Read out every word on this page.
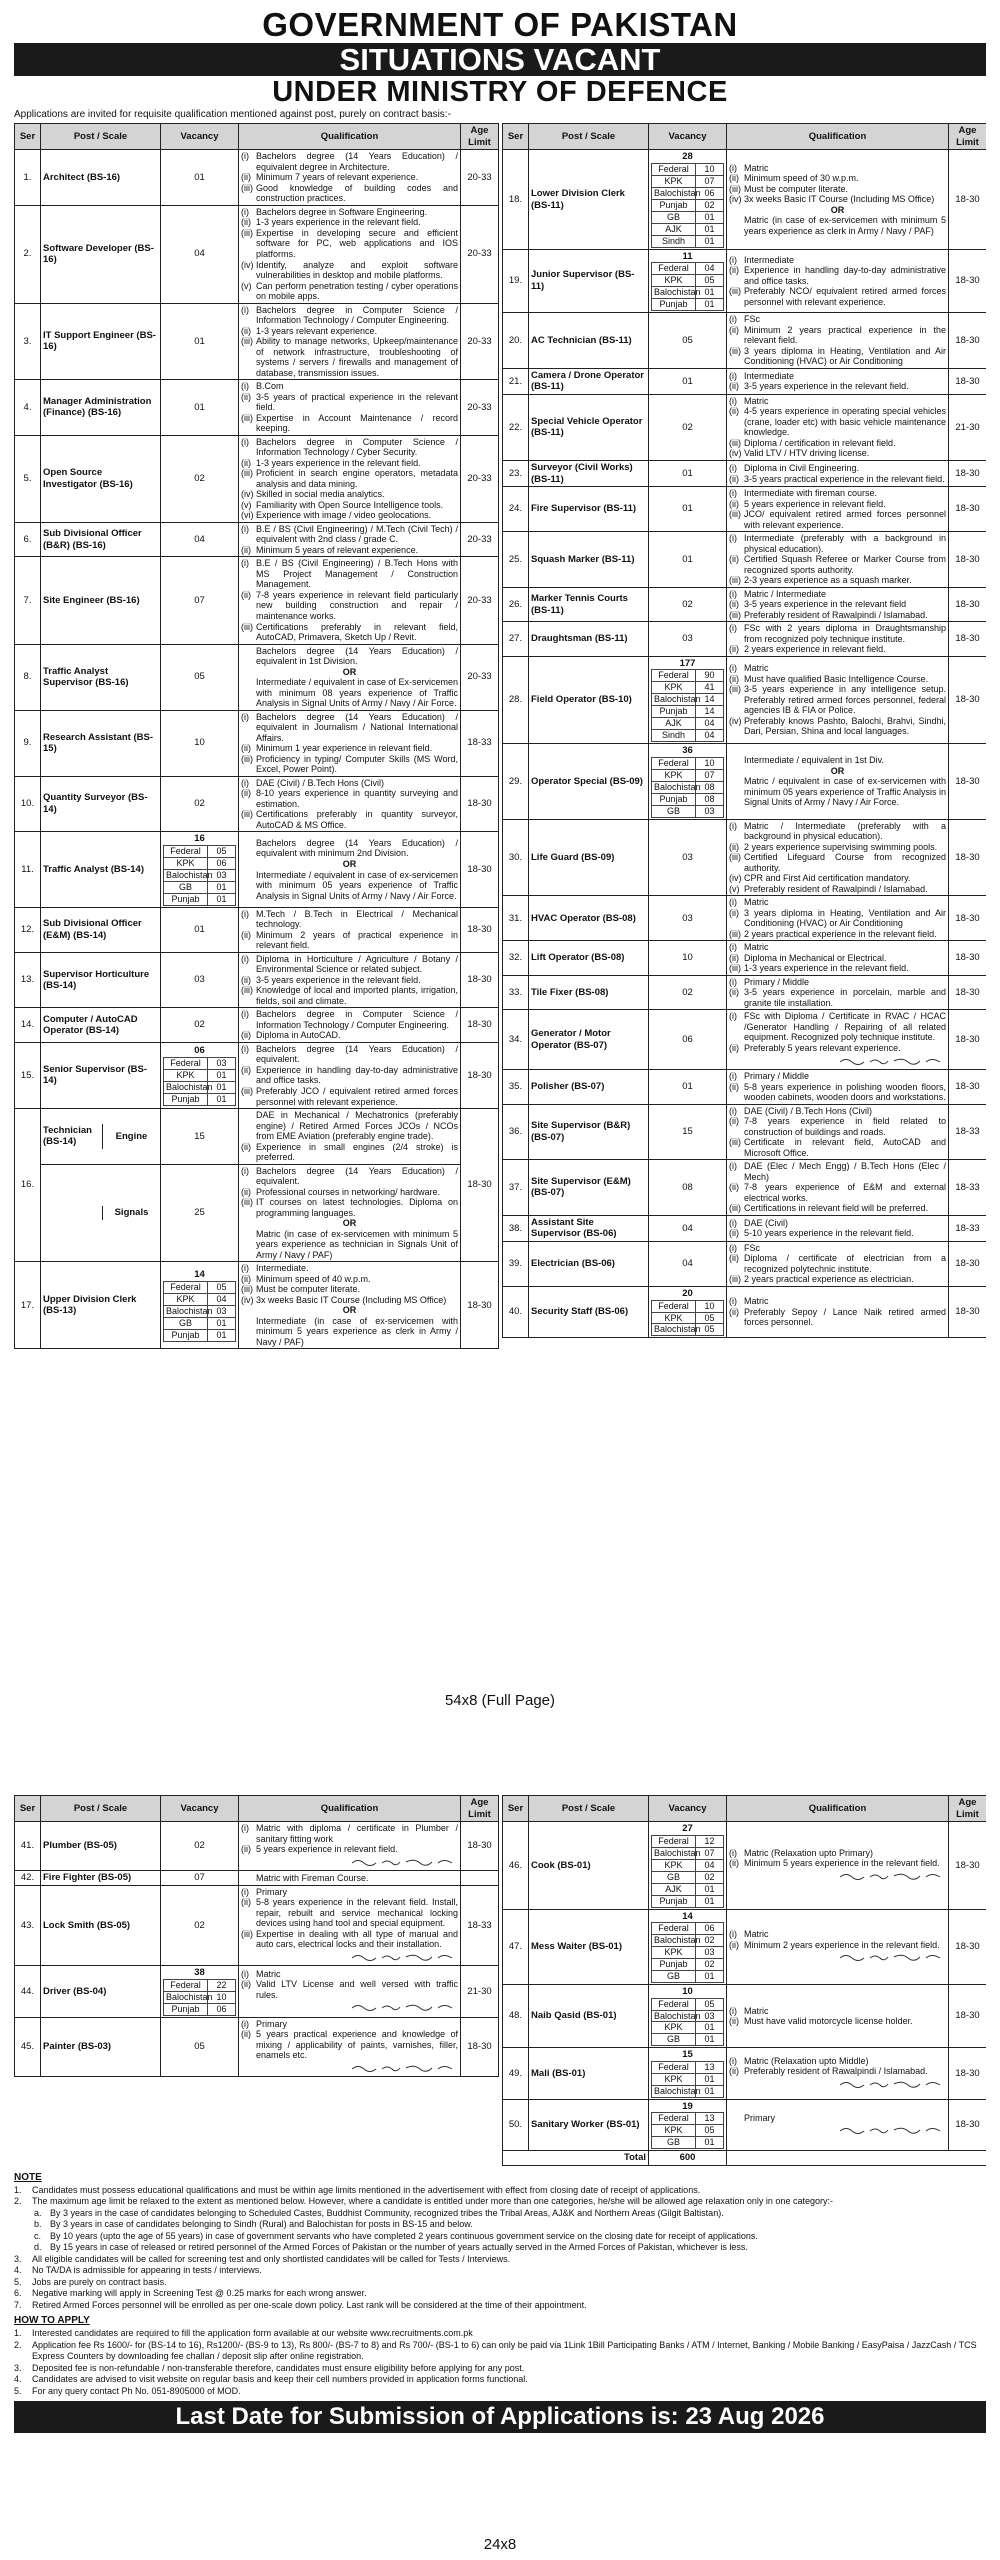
GOVERNMENT OF PAKISTAN
SITUATIONS VACANT
UNDER MINISTRY OF DEFENCE
Applications are invited for requisite qualification mentioned against post, purely on contract basis:-
Ser	Post / Scale	Vacancy	Qualification	Age Limit
1.	Architect (BS-16)	01	
(i) Bachelors degree (14 Years Education) / equivalent degree in Architecture.
(ii) Minimum 7 years of relevant experience.
(iii) Good knowledge of building codes and construction practices.
	20-33
2.	Software Developer (BS-16)	04	
(i) Bachelors degree in Software Engineering.
(ii) 1-3 years experience in the relevant field.
(iii) Expertise in developing secure and efficient software for PC, web applications and IOS platforms.
(iv) Identify, analyze and exploit software vulnerabilities in desktop and mobile platforms.
(v) Can perform penetration testing / cyber operations on mobile apps.
	20-33
3.	IT Support Engineer (BS-16)	01	
(i) Bachelors degree in Computer Science / Information Technology / Computer Engineering.
(ii) 1-3 years relevant experience.
(iii) Ability to manage networks, Upkeep/maintenance of network infrastructure, troubleshooting of systems / servers / firewalls and management of database, transmission issues.
	20-33
4.	Manager Administration (Finance) (BS-16)	01	
(i) B.Com
(ii) 3-5 years of practical experience in the relevant field.
(iii) Expertise in Account Maintenance / record keeping.
	20-33
5.	Open Source Investigator (BS-16)	02	
(i) Bachelors degree in Computer Science / Information Technology / Cyber Security.
(ii) 1-3 years experience in the relevant field.
(iii) Proficient in search engine operators, metadata analysis and data mining.
(iv) Skilled in social media analytics.
(v) Familiarity with Open Source Intelligence tools.
(vi) Experience with image / video geolocations.
	20-33
6.	Sub Divisional Officer (B&R) (BS-16)	04	
(i) B.E / BS (Civil Engineering) / M.Tech (Civil Tech) / equivalent with 2nd class / grade C.
(ii) Minimum 5 years of relevant experience.
	20-33
7.	Site Engineer (BS-16)	07	
(i) B.E / BS (Civil Engineering) / B.Tech Hons with MS Project Management / Construction Management.
(ii) 7-8 years experience in relevant field particularly new building construction and repair / maintenance works.
(iii) Certifications preferably in relevant field, AutoCAD, Primavera, Sketch Up / Revit.
	20-33
8.	Traffic Analyst Supervisor (BS-16)	05	
Bachelors degree (14 Years Education) / equivalent in 1st Division.
OR
Intermediate / equivalent in case of Ex-servicemen with minimum 08 years experience of Traffic Analysis in Signal Units of Army / Navy / Air Force.
	20-33
9.	Research Assistant (BS-15)	10	
(i) Bachelors degree (14 Years Education) / equivalent in Journalism / National International Affairs.
(ii) Minimum 1 year experience in relevant field.
(iii) Proficiency in typing/ Computer Skills (MS Word, Excel, Power Point).
	18-33
10.	Quantity Surveyor (BS-14)	02	
(i) DAE (Civil) / B.Tech Hons (Civil)
(ii) 8-10 years experience in quantity surveying and estimation.
(iii) Certifications preferably in quantity surveyor, AutoCAD & MS Office.
	18-30
11.	Traffic Analyst (BS-14)	
16
Federal	05
KPK	06
Balochistan	03
GB	01
Punjab	01

Bachelors degree (14 Years Education) / equivalent with minimum 2nd Division.
OR
Intermediate / equivalent in case of ex-servicemen with minimum 05 years experience of Traffic Analysis in Signal Units of Army / Navy / Air Force.
	18-30
12.	Sub Divisional Officer (E&M) (BS-14)	01	
(i) M.Tech / B.Tech in Electrical / Mechanical technology.
(ii) Minimum 2 years of practical experience in relevant field.
	18-30
13.	Supervisor Horticulture (BS-14)	03	
(i) Diploma in Horticulture / Agriculture / Botany / Environmental Science or related subject.
(ii) 3-5 years experience in the relevant field.
(iii) Knowledge of local and imported plants, irrigation, fields, soil and climate.
	18-30
14.	Computer / AutoCAD Operator (BS-14)	02	
(i) Bachelors degree in Computer Science / Information Technology / Computer Engineering.
(ii) Diploma in AutoCAD.
	18-30
15.	Senior Supervisor (BS-14)	
06
Federal	03
KPK	01
Balochistan	01
Punjab	01

(i) Bachelors degree (14 Years Education) / equivalent.
(ii) Experience in handling day-to-day administrative and office tasks.
(iii) Preferably JCO / equivalent retired armed forces personnel with relevant experience.
	18-30
16.	
Technician (BS-14)
Engine	15	
DAE in Mechanical / Mechatronics (preferably engine) / Retired Armed Forces JCOs / NCOs from EME Aviation (preferably engine trade).
(ii) Experience in small engines (2/4 stroke) is preferred.
	18-30

Signals	25	
(i) Bachelors degree (14 Years Education) / equivalent.
(ii) Professional courses in networking/ hardware.
(iii) IT courses on latest technologies. Diploma on programming languages.
OR
Matric (in case of ex-servicemen with minimum 5 years experience as technician in Signals Unit of Army / Navy / PAF)

17.	Upper Division Clerk (BS-13)	
14
Federal	05
KPK	04
Balochistan	03
GB	01
Punjab	01

(i) Intermediate.
(ii) Minimum speed of 40 w.p.m.
(iii) Must be computer literate.
(iv) 3x weeks Basic IT Course (Including MS Office)
OR
Intermediate (in case of ex-servicemen with minimum 5 years experience as clerk in Army / Navy / PAF)
	18-30
Ser	Post / Scale	Vacancy	Qualification	Age Limit
18.	Lower Division Clerk (BS-11)	
28
Federal	10
KPK	07
Balochistan	06
Punjab	02
GB	01
AJK	01
Sindh	01

(i) Matric
(ii) Minimum speed of 30 w.p.m.
(iii) Must be computer literate.
(iv) 3x weeks Basic IT Course (Including MS Office)
OR
Matric (in case of ex-servicemen with minimum 5 years experience as clerk in Army / Navy / PAF)
	18-30
19.	Junior Supervisor (BS-11)	
11
Federal	04
KPK	05
Balochistan	01
Punjab	01

(i) Intermediate
(ii) Experience in handling day-to-day administrative and office tasks.
(iii) Preferably NCO/ equivalent retired armed forces personnel with relevant experience.
	18-30
20.	AC Technician (BS-11)	05	
(i) FSc
(ii) Minimum 2 years practical experience in the relevant field.
(iii) 3 years diploma in Heating, Ventilation and Air Conditioning (HVAC) or Air Conditioning
	18-30
21.	Camera / Drone Operator (BS-11)	01	(i) Intermediate
(ii) 3-5 years experience in the relevant field.	18-30
22.	Special Vehicle Operator (BS-11)	02	
(i) Matric
(ii) 4-5 years experience in operating special vehicles (crane, loader etc) with basic vehicle maintenance knowledge.
(iii) Diploma / certification in relevant field.
(iv) Valid LTV / HTV driving license.
	21-30
23.	Surveyor (Civil Works) (BS-11)	01	(i) Diploma in Civil Engineering.
(ii) 3-5 years practical experience in the relevant field.	18-30
24.	Fire Supervisor (BS-11)	01	
(i) Intermediate with fireman course.
(ii) 5 years experience in relevant field.
(iii) JCO/ equivalent retired armed forces personnel with relevant experience.
	18-30
25.	Squash Marker (BS-11)	01	
(i) Intermediate (preferably with a background in physical education).
(ii) Certified Squash Referee or Marker Course from recognized sports authority.
(iii) 2-3 years experience as a squash marker.
	18-30
26.	Marker Tennis Courts (BS-11)	02	
(i) Matric / Intermediate
(ii) 3-5 years experience in the relevant field
(iii) Preferably resident of Rawalpindi / Islamabad.
	18-30
27.	Draughtsman (BS-11)	03	
(i) FSc with 2 years diploma in Draughtsmanship from recognized poly technique institute.
(ii) 2 years experience in relevant field.
	18-30
28.	Field Operator (BS-10)	
177
Federal	90
KPK	41
Balochistan	14
Punjab	14
AJK	04
Sindh	04

(i) Matric
(ii) Must have qualified Basic Intelligence Course.
(iii) 3-5 years experience in any intelligence setup. Preferably retired armed forces personnel, federal agencies IB & FIA or Police.
(iv) Preferably knows Pashto, Balochi, Brahvi, Sindhi, Dari, Persian, Shina and local languages.
	18-30
29.	Operator Special (BS-09)	
36
Federal	10
KPK	07
Balochistan	08
Punjab	08
GB	03

Intermediate / equivalent in 1st Div.
OR
Matric / equivalent in case of ex-servicemen with minimum 05 years experience of Traffic Analysis in Signal Units of Army / Navy / Air Force.
	18-30
30.	Life Guard (BS-09)	03	
(i) Matric / Intermediate (preferably with a background in physical education).
(ii) 2 years experience supervising swimming pools.
(iii) Certified Lifeguard Course from recognized authority.
(iv) CPR and First Aid certification mandatory.
(v) Preferably resident of Rawalpindi / Islamabad.
	18-30
31.	HVAC Operator (BS-08)	03	
(i) Matric
(ii) 3 years diploma in Heating, Ventilation and Air Conditioning (HVAC) or Air Conditioning
(iii) 2 years practical experience in the relevant field.
	18-30
32.	Lift Operator (BS-08)	10	
(i) Matric
(ii) Diploma in Mechanical or Electrical.
(iii) 1-3 years experience in the relevant field.
	18-30
33.	Tile Fixer (BS-08)	02	
(i) Primary / Middle
(ii) 3-5 years experience in porcelain, marble and granite tile installation.
	18-30
34.	Generator / Motor Operator (BS-07)	06	
(i) FSc with Diploma / Certificate in RVAC / HCAC /Generator Handling / Repairing of all related equipment. Recognized poly technique institute.
(ii) Preferably 5 years relevant experience.
	18-30
35.	Polisher (BS-07)	01	
(i) Primary / Middle
(ii) 5-8 years experience in polishing wooden floors, wooden cabinets, wooden doors and workstations.
	18-30
36.	Site Supervisor (B&R) (BS-07)	15	
(i) DAE (Civil) / B.Tech Hons (Civil)
(ii) 7-8 years experience in field related to construction of buildings and roads.
(iii) Certificate in relevant field, AutoCAD and Microsoft Office.
	18-33
37.	Site Supervisor (E&M) (BS-07)	08	
(i) DAE (Elec / Mech Engg) / B.Tech Hons (Elec / Mech)
(ii) 7-8 years experience of E&M and external electrical works.
(iii) Certifications in relevant field will be preferred.
	18-33
38.	Assistant Site Supervisor (BS-06)	04	(i) DAE (Civil)
(ii) 5-10 years experience in the relevant field.	18-33
39.	Electrician (BS-06)	04	
(i) FSc
(ii) Diploma / certificate of electrician from a recognized polytechnic institute.
(iii) 2 years practical experience as electrician.
	18-30
40.	Security Staff (BS-06)	
20
Federal	10
KPK	05
Balochistan	05

(i) Matric
(ii) Preferably Sepoy / Lance Naik retired armed forces personnel.
	18-30
54x8 (Full Page)
Ser	Post / Scale	Vacancy	Qualification	Age Limit
41.	Plumber (BS-05)	02	
(i) Matric with diploma / certificate in Plumber / sanitary fitting work
(ii) 5 years experience in relevant field.	18-30
42.	Fire Fighter (BS-05)	07	Matric with Fireman Course.

43.	Lock Smith (BS-05)	02	
(i) Primary
(ii) 5-8 years experience in the relevant field. Install, repair, rebuilt and service mechanical locking devices using hand tool and special equipment.
(iii) Expertise in dealing with all type of manual and auto cars, electrical locks and their installation.
	18-33
44.	Driver (BS-04)	
38
Federal	22
Balochistan	10
Punjab	06

(i) Matric
(ii) Valid LTV License and well versed with traffic rules.	21-30
45.	Painter (BS-03)	05	
(i) Primary
(ii) 5 years practical experience and knowledge of mixing / applicability of paints, varnishes, filler, enamels etc.
	18-30
Ser	Post / Scale	Vacancy	Qualification	Age Limit
46.	Cook (BS-01)	
27
Federal	12
Balochistan	07
KPK	04
GB	02
AJK	01
Punjab	01

(i) Matric (Relaxation upto Primary)
(ii) Minimum 5 years experience in the relevant field.	18-30
47.	Mess Waiter (BS-01)	
14
Federal	06
Balochistan	02
KPK	03
Punjab	02
GB	01

(i) Matric
(ii) Minimum 2 years experience in the relevant field.	18-30
48.	Naib Qasid (BS-01)	
10
Federal	05
Balochistan	03
KPK	01
GB	01

(i) Matric
(ii) Must have valid motorcycle license holder.	18-30
49.	Mali (BS-01)	
15
Federal	13
KPK	01
Balochistan	01

(i) Matric (Relaxation upto Middle)
(ii) Preferably resident of Rawalpindi / Islamabad.	18-30
50.	Sanitary Worker (BS-01)	
19
Federal	13
KPK	05
GB	01

Primary
	18-30
Total	600	
NOTE
1.	Candidates must possess educational qualifications and must be within age limits mentioned in the advertisement with effect from closing date of receipt of applications.
2.	The maximum age limit be relaxed to the extent as mentioned below. However, where a candidate is entitled under more than one categories, he/she will be allowed age relaxation only in one category:-
a. By 3 years in the case of candidates belonging to Scheduled Castes, Buddhist Community, recognized tribes the Tribal Areas, AJ&K and Northern Areas (Gilgit Baltistan).
b. By 3 years in case of candidates belonging to Sindh (Rural) and Balochistan for posts in BS-15 and below.
c. By 10 years (upto the age of 55 years) in case of government servants who have completed 2 years continuous government service on the closing date for receipt of applications.
d. By 15 years in case of released or retired personnel of the Armed Forces of Pakistan or the number of years actually served in the Armed Forces of Pakistan, whichever is less.
3.	All eligible candidates will be called for screening test and only shortlisted candidates will be called for Tests / Interviews.
4.	No TA/DA is admissible for appearing in tests / interviews.
5.	Jobs are purely on contract basis.
6.	Negative marking will apply in Screening Test @ 0.25 marks for each wrong answer.
7.	Retired Armed Forces personnel will be enrolled as per one-scale down policy. Last rank will be considered at the time of their appointment.
HOW TO APPLY
1.	Interested candidates are required to fill the application form available at our website www.recruitments.com.pk
2.	Application fee Rs 1600/- for (BS-14 to 16), Rs1200/- (BS-9 to 13), Rs 800/- (BS-7 to 8) and Rs 700/- (BS-1 to 6) can only be paid via 1Link 1Bill Participating Banks / ATM / Internet, Banking / Mobile Banking / EasyPaisa / JazzCash / TCS Express Counters by downloading fee challan / deposit slip after online registration.
3.	Deposited fee is non-refundable / non-transferable therefore, candidates must ensure eligibility before applying for any post.
4.	Candidates are advised to visit website on regular basis and keep their cell numbers provided in application forms functional.
5.	For any query contact Ph No. 051-8905000 of MOD.
Last Date for Submission of Applications is: 23 Aug 2026
24x8
